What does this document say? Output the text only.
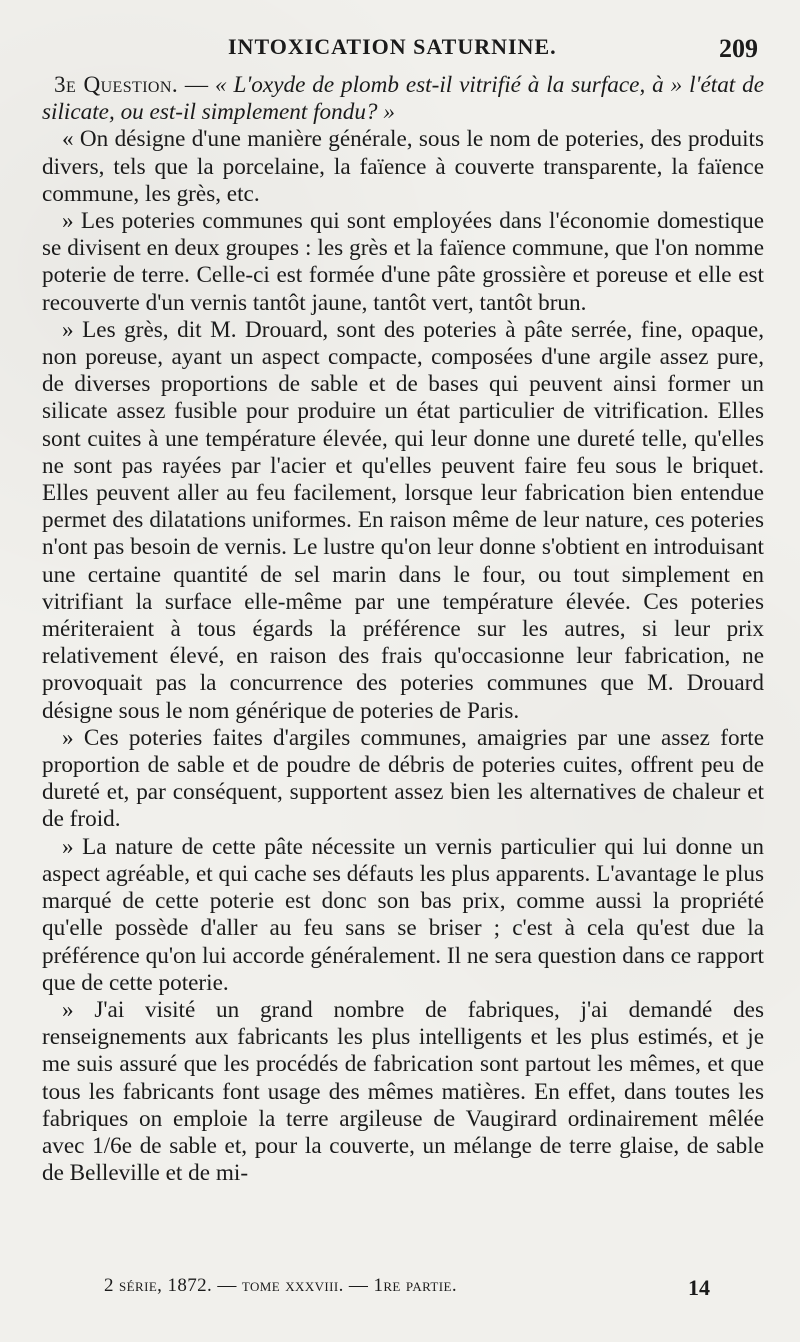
INTOXICATION SATURNINE.	209

3e Question. — « L'oxyde de plomb est-il vitrifié à la surface, à » l'état de silicate, ou est-il simplement fondu? »

« On désigne d'une manière générale, sous le nom de poteries, des produits divers, tels que la porcelaine, la faïence à couverte transparente, la faïence commune, les grès, etc.

» Les poteries communes qui sont employées dans l'économie domestique se divisent en deux groupes : les grès et la faïence commune, que l'on nomme poterie de terre. Celle-ci est formée d'une pâte grossière et poreuse et elle est recouverte d'un vernis tantôt jaune, tantôt vert, tantôt brun.

» Les grès, dit M. Drouard, sont des poteries à pâte serrée, fine, opaque, non poreuse, ayant un aspect compacte, composées d'une argile assez pure, de diverses proportions de sable et de bases qui peuvent ainsi former un silicate assez fusible pour produire un état particulier de vitrification. Elles sont cuites à une température élevée, qui leur donne une dureté telle, qu'elles ne sont pas rayées par l'acier et qu'elles peuvent faire feu sous le briquet. Elles peuvent aller au feu facilement, lorsque leur fabrication bien entendue permet des dilatations uniformes. En raison même de leur nature, ces poteries n'ont pas besoin de vernis. Le lustre qu'on leur donne s'obtient en introduisant une certaine quantité de sel marin dans le four, ou tout simplement en vitrifiant la surface elle-même par une température élevée. Ces poteries mériteraient à tous égards la préférence sur les autres, si leur prix relativement élevé, en raison des frais qu'occasionne leur fabrication, ne provoquait pas la concurrence des poteries communes que M. Drouard désigne sous le nom générique de poteries de Paris.

» Ces poteries faites d'argiles communes, amaigries par une assez forte proportion de sable et de poudre de débris de poteries cuites, offrent peu de dureté et, par conséquent, supportent assez bien les alternatives de chaleur et de froid.

» La nature de cette pâte nécessite un vernis particulier qui lui donne un aspect agréable, et qui cache ses défauts les plus apparents. L'avantage le plus marqué de cette poterie est donc son bas prix, comme aussi la propriété qu'elle possède d'aller au feu sans se briser ; c'est à cela qu'est due la préférence qu'on lui accorde généralement. Il ne sera question dans ce rapport que de cette poterie.

» J'ai visité un grand nombre de fabriques, j'ai demandé des renseignements aux fabricants les plus intelligents et les plus estimés, et je me suis assuré que les procédés de fabrication sont partout les mêmes, et que tous les fabricants font usage des mêmes matières. En effet, dans toutes les fabriques on emploie la terre argileuse de Vaugirard ordinairement mêlée avec 1/6e de sable et, pour la couverte, un mélange de terre glaise, de sable de Belleville et de mi-

2 série, 1872. — tome xxxviii. — 1re partie.	14
